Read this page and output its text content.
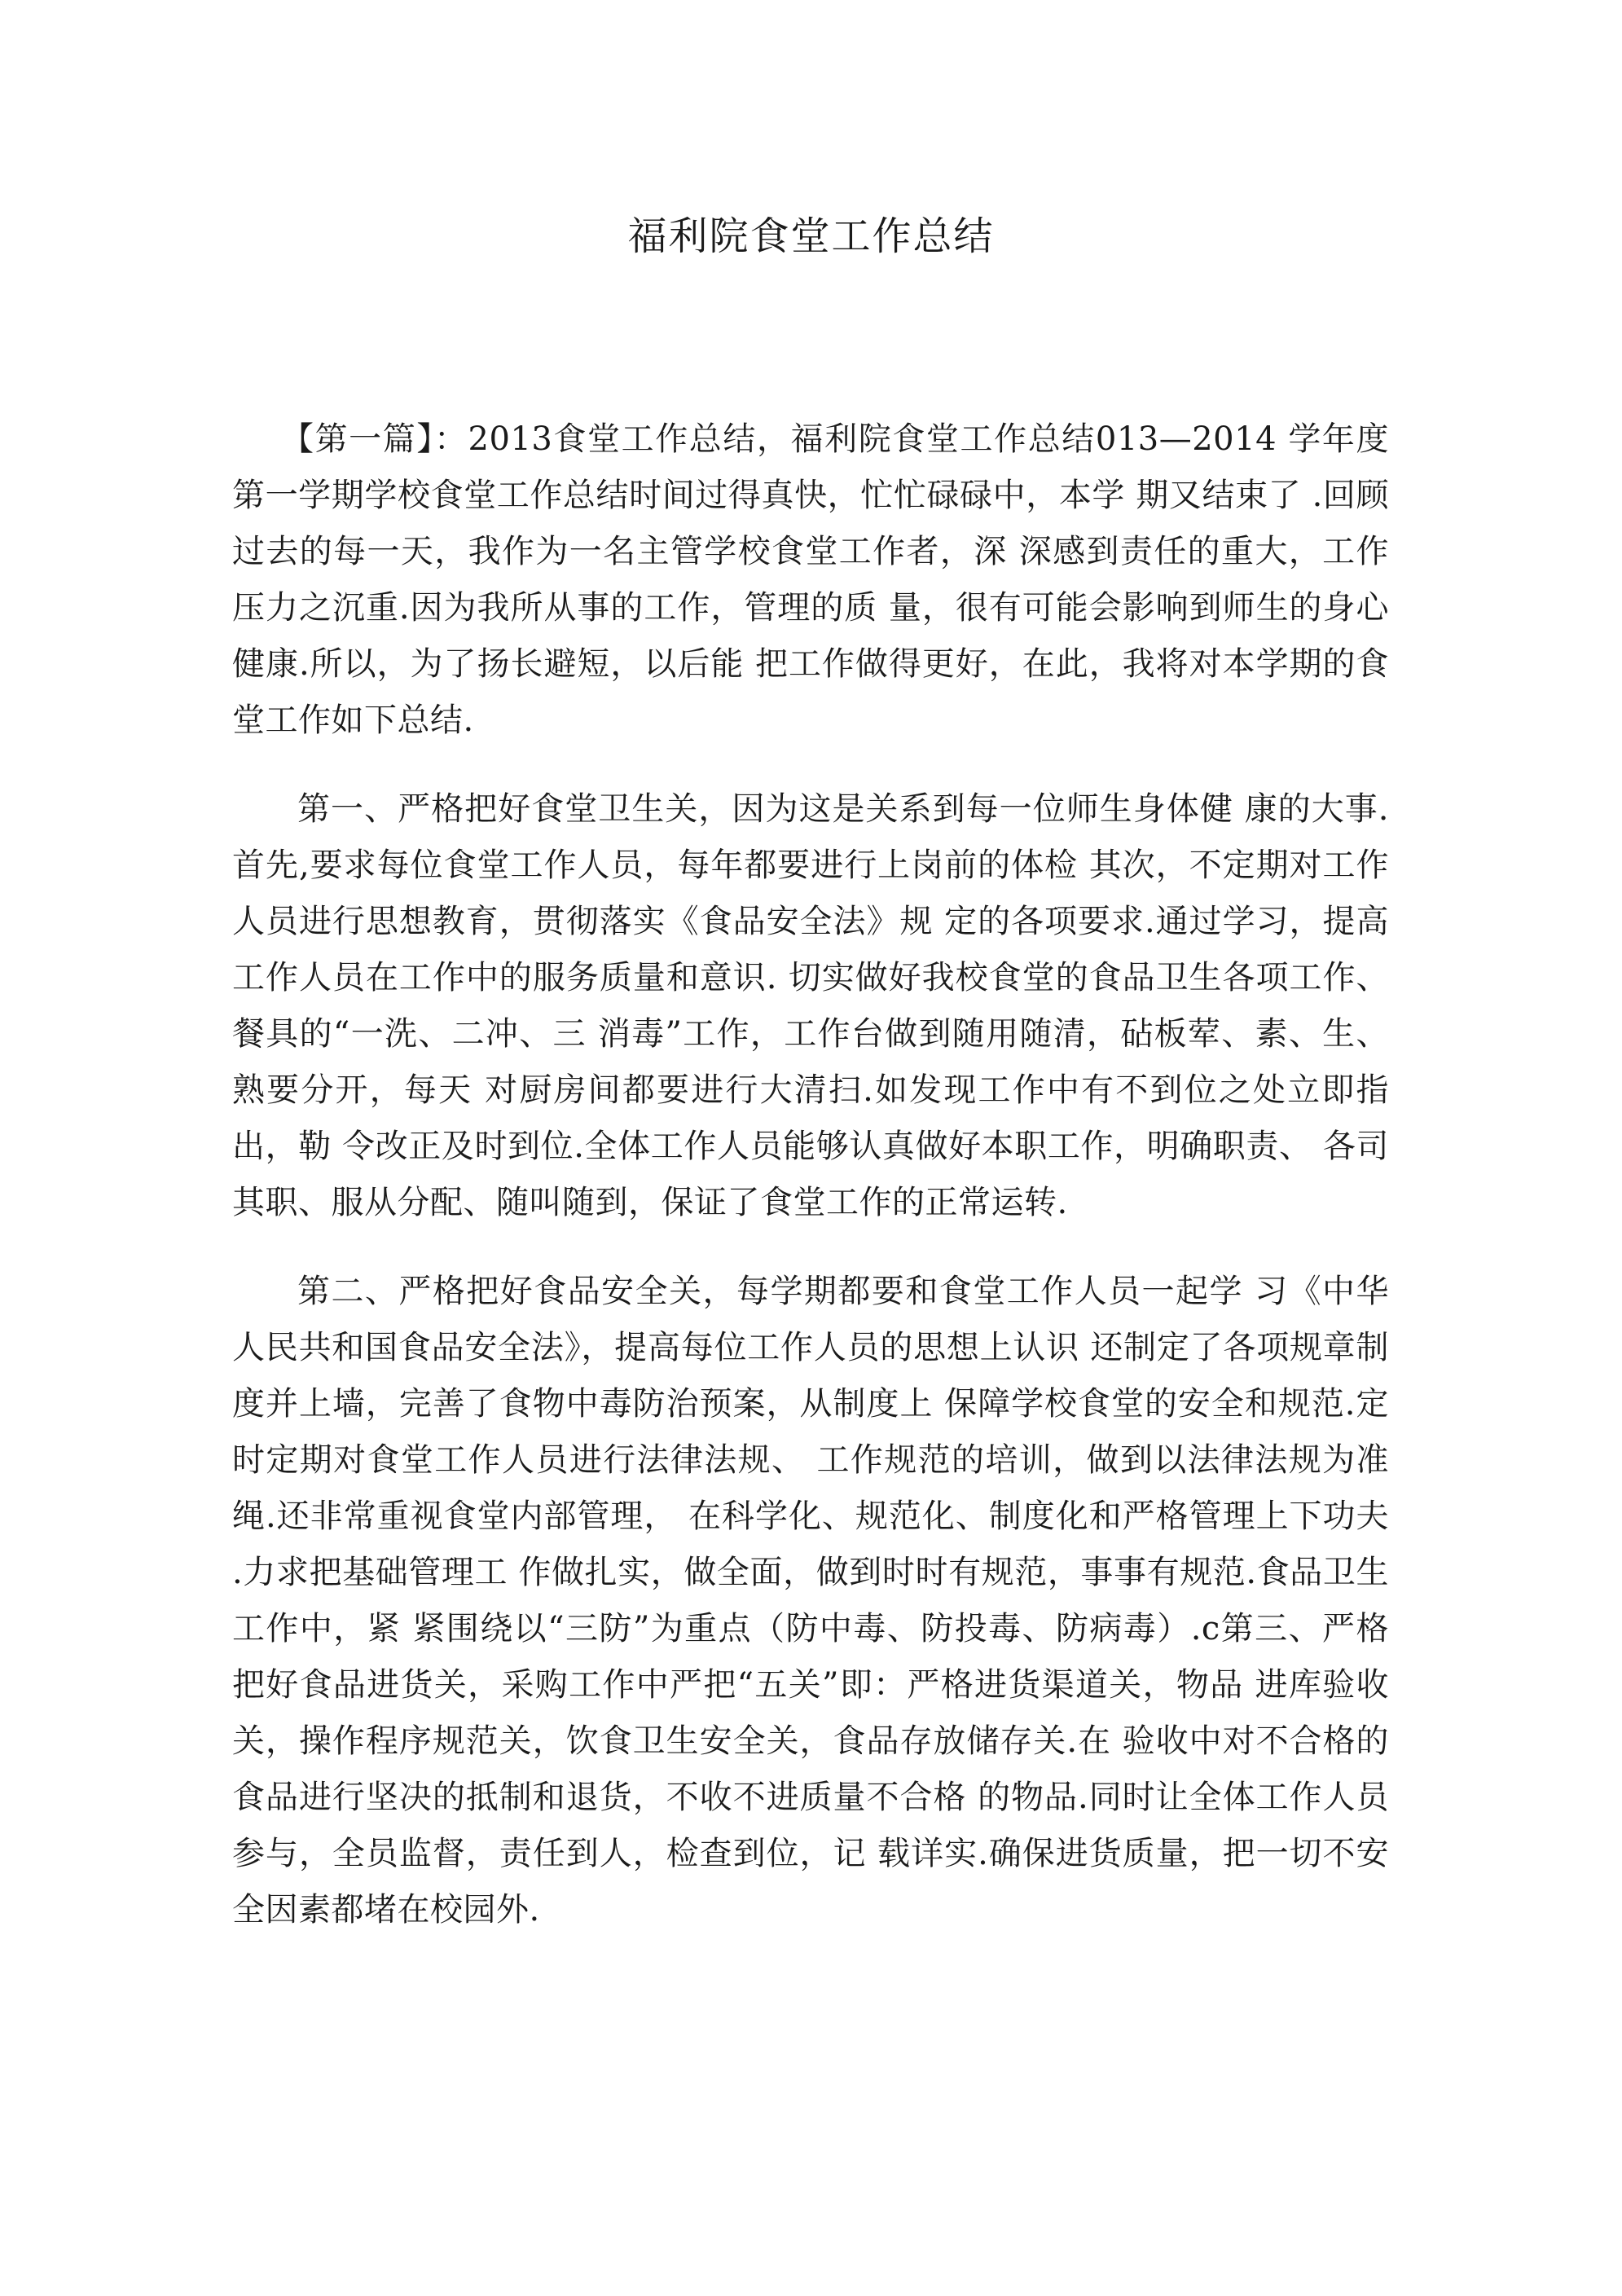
福利院食堂工作总结

【第一篇】：2013食堂工作总结，福利院食堂工作总结013—2014 学年度第一学期学校食堂工作总结时间过得真快，忙忙碌碌中，本学 期又结束了 .回顾过去的每一天，我作为一名主管学校食堂工作者，深 深感到责任的重大，工作压力之沉重.因为我所从事的工作，管理的质 量，很有可能会影响到师生的身心健康.所以，为了扬长避短，以后能 把工作做得更好，在此，我将对本学期的食堂工作如下总结.

第一、严格把好食堂卫生关，因为这是关系到每一位师生身体健 康的大事.首先,要求每位食堂工作人员，每年都要进行上岗前的体检 其次，不定期对工作人员进行思想教育，贯彻落实《食品安全法》规 定的各项要求.通过学习，提高工作人员在工作中的服务质量和意识. 切实做好我校食堂的食品卫生各项工作、餐具的“一洗、二冲、三 消毒”工作，工作台做到随用随清，砧板荤、素、生、熟要分开，每天 对厨房间都要进行大清扫.如发现工作中有不到位之处立即指出，勒 令改正及时到位.全体工作人员能够认真做好本职工作，明确职责、 各司其职、服从分配、随叫随到，保证了食堂工作的正常运转.

第二、严格把好食品安全关，每学期都要和食堂工作人员一起学 习《中华人民共和国食品安全法》，提高每位工作人员的思想上认识 还制定了各项规章制度并上墙，完善了食物中毒防治预案，从制度上 保障学校食堂的安全和规范.定时定期对食堂工作人员进行法律法规、 工作规范的培训，做到以法律法规为准绳.还非常重视食堂内部管理， 在科学化、规范化、制度化和严格管理上下功夫 .力求把基础管理工 作做扎实，做全面，做到时时有规范，事事有规范.食品卫生工作中，紧 紧围绕以“三防”为重点（防中毒、防投毒、防病毒）.c第三、严格 把好食品进货关，采购工作中严把“五关”即：严格进货渠道关，物品 进库验收关，操作程序规范关，饮食卫生安全关，食品存放储存关.在 验收中对不合格的食品进行坚决的抵制和退货，不收不进质量不合格 的物品.同时让全体工作人员参与，全员监督，责任到人，检查到位，记 载详实.确保进货质量，把一切不安全因素都堵在校园外.
